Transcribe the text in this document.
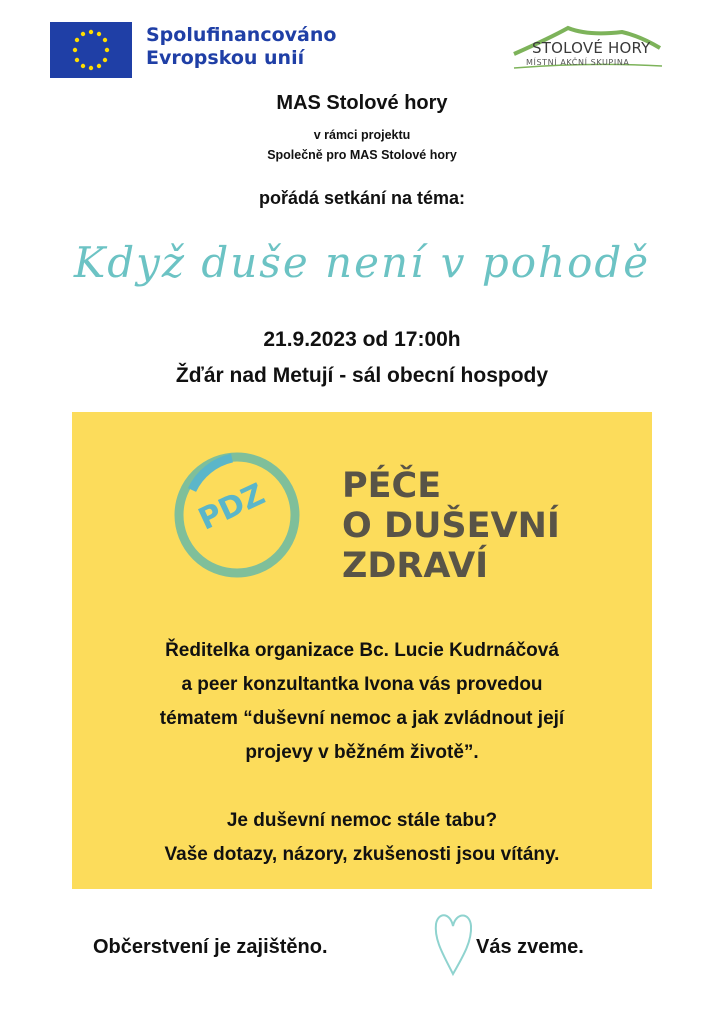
Spolufinancováno
Evropskou unií	STOLOVÉ HORY
MÍSTNÍ AKČNÍ SKUPINA
MAS Stolové hory
v rámci projektu
Společně pro MAS Stolové hory
pořádá setkání na téma:
Když duše není v pohodě
21.9.2023 od 17:00h
Žďár nad Metují - sál obecní hospody
PDZ PÉČE
O DUŠEVNÍ
ZDRAVÍ
Ředitelka organizace Bc. Lucie Kudrnáčová
a peer konzultantka Ivona vás provedou
tématem “duševní nemoc a jak zvládnout její
projevy v běžném životě”.
Je duševní nemoc stále tabu?
Vaše dotazy, názory, zkušenosti jsou vítány.
Občerstvení je zajištěno.	Vás zveme.
